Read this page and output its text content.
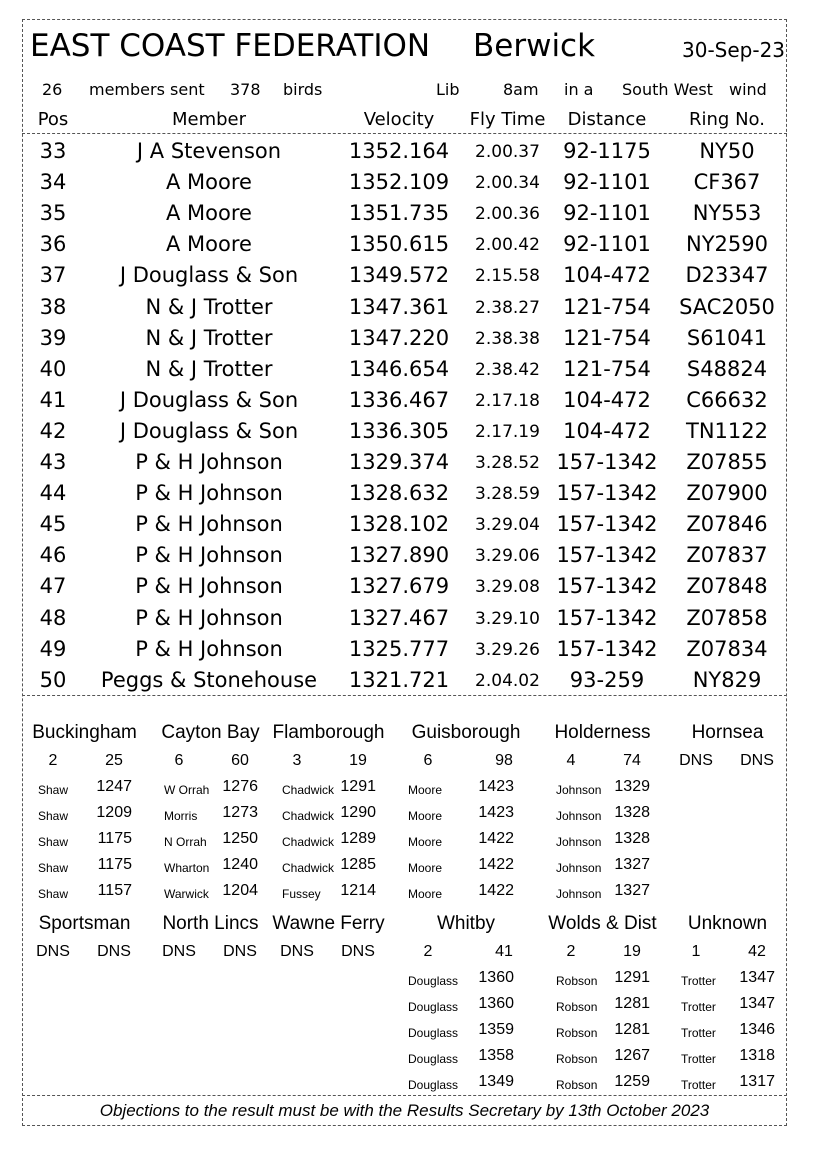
EAST COAST FEDERATION Berwick	30-Sep-23
26 members sent 378 birds	Lib	8am in a South West wind
Pos	Member	Velocity	Fly Time	Distance	Ring No.
33	J A Stevenson	1352.164	2.00.37	92-1175	NY50
34	A Moore	1352.109	2.00.34	92-1101	CF367
35	A Moore	1351.735	2.00.36	92-1101	NY553
36	A Moore	1350.615	2.00.42	92-1101	NY2590
37	J Douglass & Son	1349.572	2.15.58	104-472	D23347
38	N & J Trotter	1347.361	2.38.27	121-754	SAC2050
39	N & J Trotter	1347.220	2.38.38	121-754	S61041
40	N & J Trotter	1346.654	2.38.42	121-754	S48824
41	J Douglass & Son	1336.467	2.17.18	104-472	C66632
42	J Douglass & Son	1336.305	2.17.19	104-472	TN1122
43	P & H Johnson	1329.374	3.28.52 157-1342	Z07855
44	P & H Johnson	1328.632	3.28.59 157-1342	Z07900
45	P & H Johnson	1328.102	3.29.04 157-1342	Z07846
46	P & H Johnson	1327.890	3.29.06 157-1342	Z07837
47	P & H Johnson	1327.679	3.29.08 157-1342	Z07848
48	P & H Johnson	1327.467	3.29.10 157-1342	Z07858
49	P & H Johnson	1325.777	3.29.26 157-1342	Z07834
50	Peggs & Stonehouse	1321.721	2.04.02	93-259	NY829
Buckingham
2	25
Shaw	1247
Shaw	1209
Shaw	1175
Shaw	1175
Shaw	1157
Cayton Bay
6	60
W Orrah 1276
Morris	1273
N Orrah 1250
Wharton 1240
Warwick 1204
Flamborough
3	19
Chadwick 1291
Chadwick 1290
Chadwick 1289
Chadwick 1285
Fussey	1214
Guisborough
6	98
Moore	1423
Moore	1423
Moore	1422
Moore	1422
Moore	1422
Holderness
4	74
Johnson 1329
Johnson 1328
Johnson 1328
Johnson 1327
Johnson 1327
Hornsea
DNS DNS
Sportsman
DNS DNS
North Lincs
DNS DNS
Wawne Ferry
DNS DNS
Whitby
2	41
Douglass	1360
Douglass	1360
Douglass	1359
Douglass	1358
Douglass	1349
Wolds & Dist
2	19
Robson	1291
Robson	1281
Robson	1281
Robson	1267
Robson	1259
Unknown
1	42
Trotter	1347
Trotter	1347
Trotter	1346
Trotter	1318
Trotter	1317
Objections to the result must be with the Results Secretary by 13th October 2023
